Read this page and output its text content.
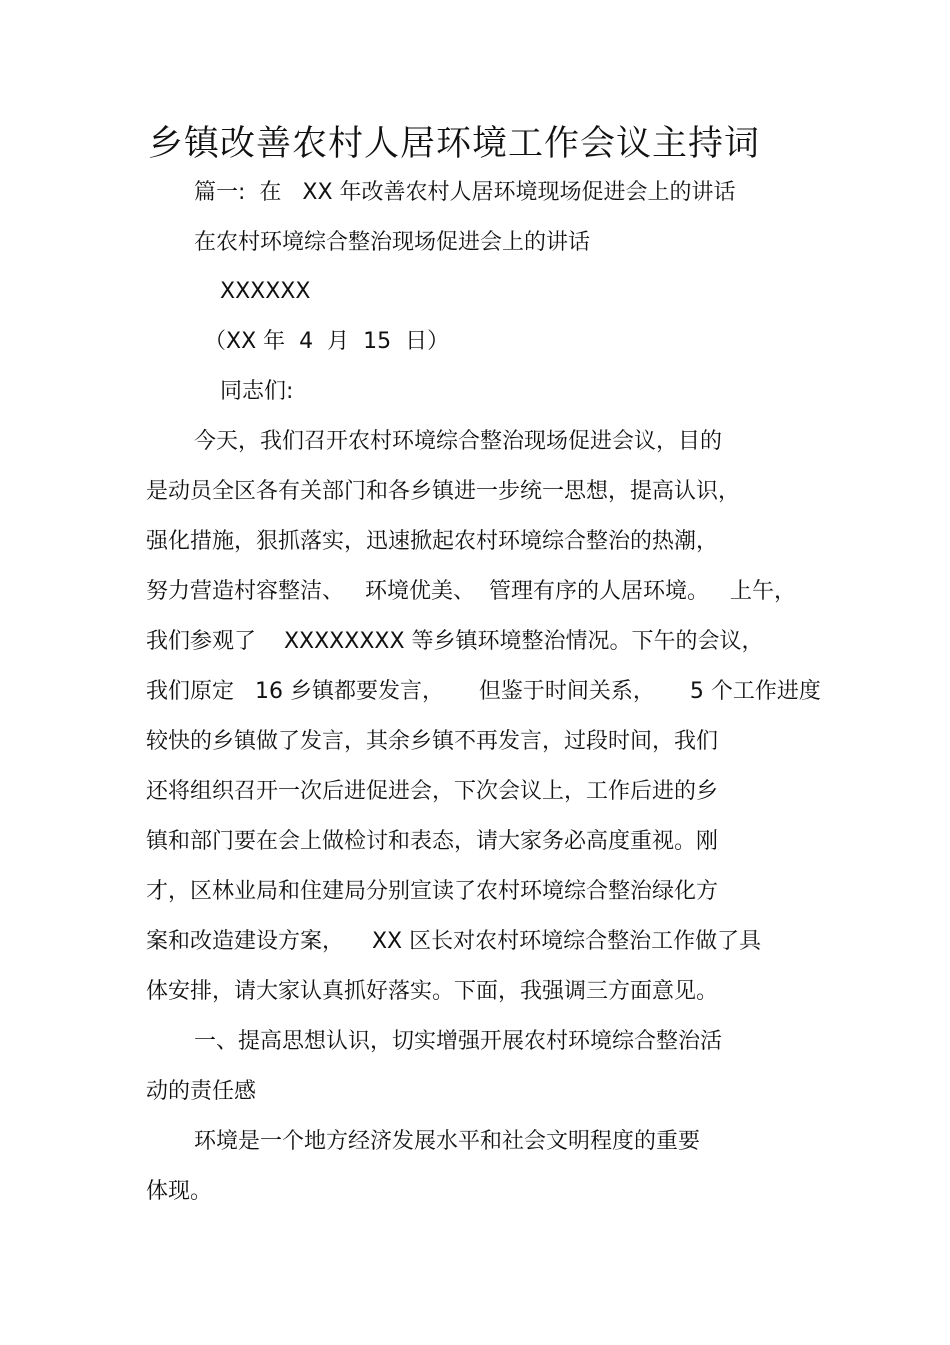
乡镇改善农村人居环境工作会议主持词
篇一:  在   XX 年改善农村人居环境现场促进会上的讲话
在农村环境综合整治现场促进会上的讲话
XXXXXX
（XX 年  4  月  15  日）
同志们:
今天，我们召开农村环境综合整治现场促进会议，目的
是动员全区各有关部门和各乡镇进一步统一思想，提高认识，
强化措施，狠抓落实，迅速掀起农村环境综合整治的热潮，
努力营造村容整洁、   环境优美、  管理有序的人居环境。   上午，
我们参观了    XXXXXXXX 等乡镇环境整治情况。下午的会议，
我们原定   16 乡镇都要发言，     但鉴于时间关系，     5 个工作进度
较快的乡镇做了发言，其余乡镇不再发言，过段时间，我们
还将组织召开一次后进促进会，下次会议上，工作后进的乡
镇和部门要在会上做检讨和表态，请大家务必高度重视。刚
才，区林业局和住建局分别宣读了农村环境综合整治绿化方
案和改造建设方案，    XX 区长对农村环境综合整治工作做了具
体安排，请大家认真抓好落实。下面，我强调三方面意见。
一、提高思想认识，切实增强开展农村环境综合整治活
动的责任感
环境是一个地方经济发展水平和社会文明程度的重要
体现。
